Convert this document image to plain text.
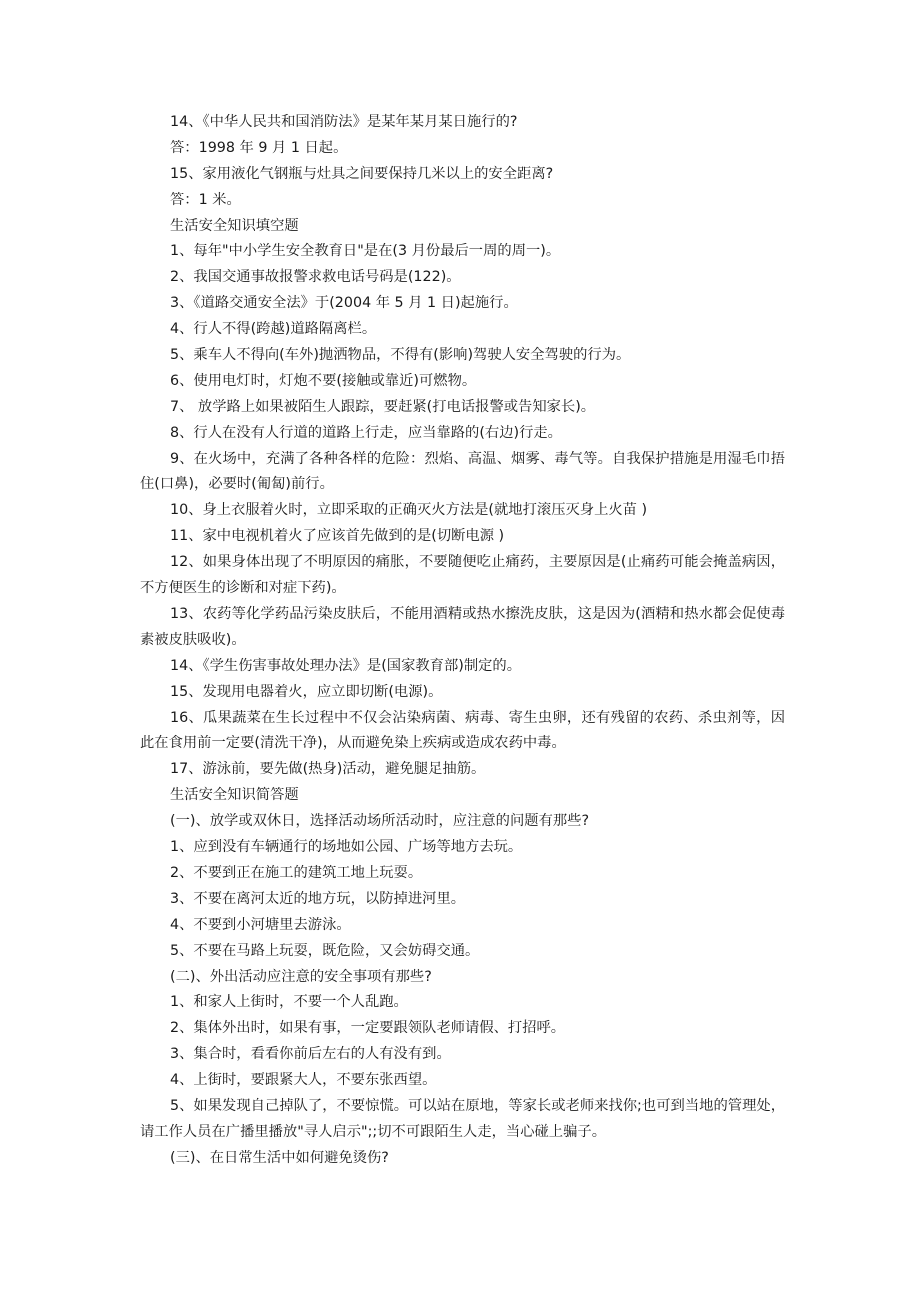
14、《中华人民共和国消防法》是某年某月某日施行的?
答：1998 年 9 月 1 日起。
15、家用液化气钢瓶与灶具之间要保持几米以上的安全距离?
答：1 米。
生活安全知识填空题
1、每年"中小学生安全教育日"是在(3 月份最后一周的周一)。
2、我国交通事故报警求救电话号码是(122)。
3、《道路交通安全法》于(2004 年 5 月 1 日)起施行。
4、行人不得(跨越)道路隔离栏。
5、乘车人不得向(车外)抛洒物品，不得有(影响)驾驶人安全驾驶的行为。
6、使用电灯时，灯炮不要(接触或靠近)可燃物。
7、 放学路上如果被陌生人跟踪，要赶紧(打电话报警或告知家长)。
8、行人在没有人行道的道路上行走，应当靠路的(右边)行走。
9、在火场中，充满了各种各样的危险：烈焰、高温、烟雾、毒气等。自我保护措施是用湿毛巾捂住(口鼻)，必要时(匍匐)前行。
10、身上衣服着火时，立即采取的正确灭火方法是(就地打滚压灭身上火苗 )
11、家中电视机着火了应该首先做到的是(切断电源 )
12、如果身体出现了不明原因的痛胀，不要随便吃止痛药，主要原因是(止痛药可能会掩盖病因，不方便医生的诊断和对症下药)。
13、农药等化学药品污染皮肤后，不能用酒精或热水擦洗皮肤，这是因为(酒精和热水都会促使毒素被皮肤吸收)。
14、《学生伤害事故处理办法》是(国家教育部)制定的。
15、发现用电器着火，应立即切断(电源)。
16、瓜果蔬菜在生长过程中不仅会沾染病菌、病毒、寄生虫卵，还有残留的农药、杀虫剂等，因此在食用前一定要(清洗干净)，从而避免染上疾病或造成农药中毒。
17、游泳前，要先做(热身)活动，避免腿足抽筋。
生活安全知识简答题
(一)、放学或双休日，选择活动场所活动时，应注意的问题有那些?
1、应到没有车辆通行的场地如公园、广场等地方去玩。
2、不要到正在施工的建筑工地上玩耍。
3、不要在离河太近的地方玩，以防掉进河里。
4、不要到小河塘里去游泳。
5、不要在马路上玩耍，既危险，又会妨碍交通。
(二)、外出活动应注意的安全事项有那些?
1、和家人上街时，不要一个人乱跑。
2、集体外出时，如果有事，一定要跟领队老师请假、打招呼。
3、集合时，看看你前后左右的人有没有到。
4、上街时，要跟紧大人，不要东张西望。
5、如果发现自己掉队了，不要惊慌。可以站在原地，等家长或老师来找你;也可到当地的管理处，请工作人员在广播里播放"寻人启示";;切不可跟陌生人走，当心碰上骗子。
(三)、在日常生活中如何避免烫伤?
